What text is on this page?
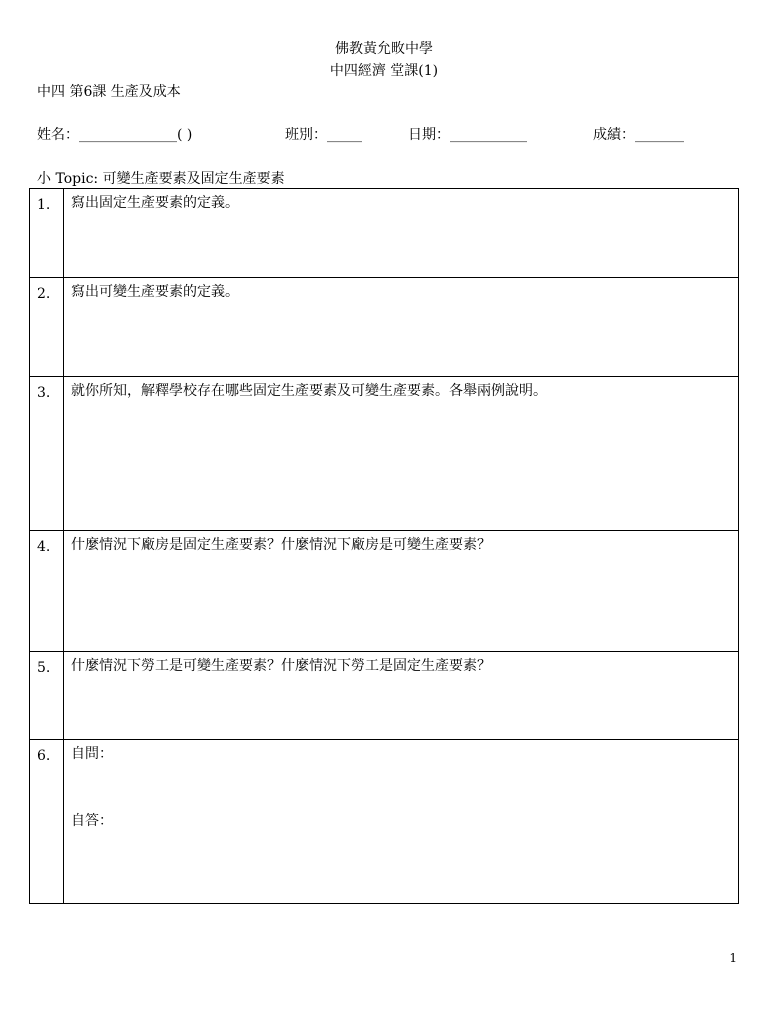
佛教黃允畋中學
中四經濟 堂課(1)
中四 第6課 生產及成本
姓名：______________( )	班別：_____	日期：___________	成績：_______
小 Topic: 可變生產要素及固定生產要素
1.	寫出固定生產要素的定義。
2.	寫出可變生產要素的定義。
3.	就你所知，解釋學校存在哪些固定生產要素及可變生產要素。各舉兩例說明。
4.	什麼情況下廠房是固定生產要素？什麼情況下廠房是可變生產要素？
5.	什麼情況下勞工是可變生產要素？什麼情況下勞工是固定生產要素？
6.	自問：
自答：
1
